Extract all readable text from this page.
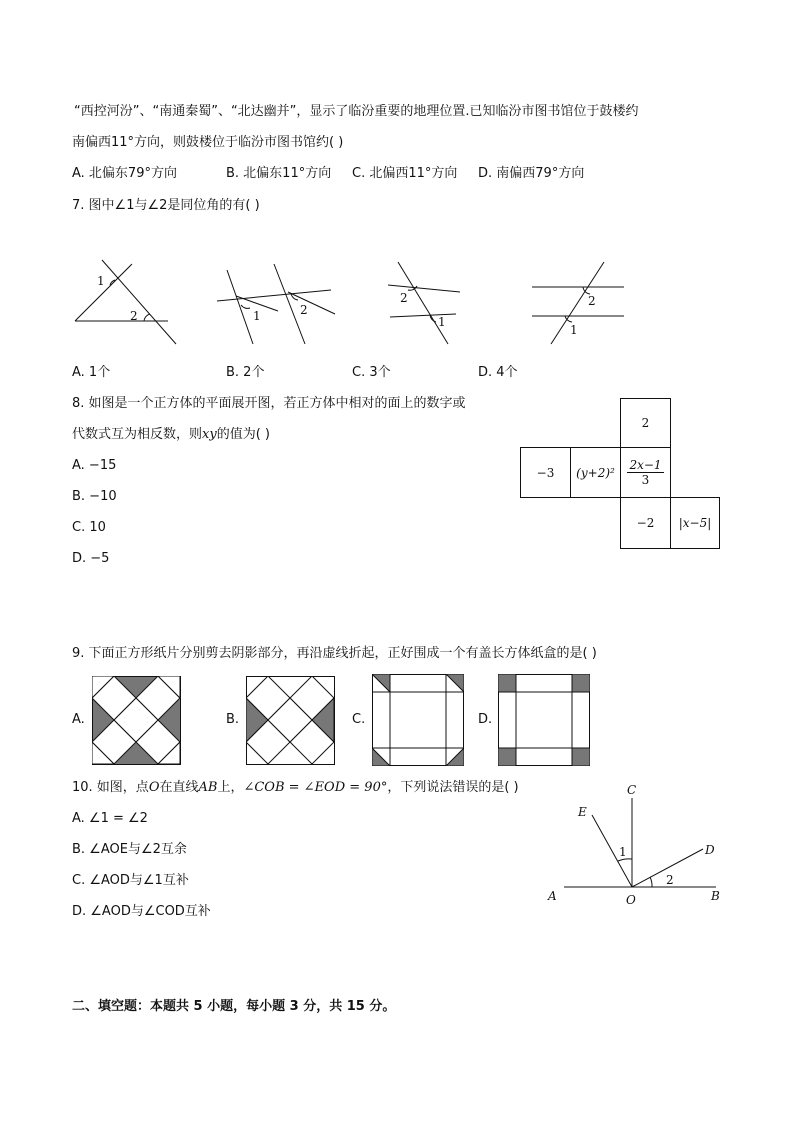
“西控河汾”、“南通秦蜀”、“北达幽并”，显示了临汾重要的地理位置.已知临汾市图书馆位于鼓楼约
南偏西11°方向，则鼓楼位于临汾市图书馆约( )
A. 北偏东79°方向	B. 北偏东11°方向 C. 北偏西11°方向 D. 南偏西79°方向
7. 图中∠1与∠2是同位角的有( )
1
2	1	2
2
1
2
1
A. 1个	B. 2个	C. 3个	D. 4个
8. 如图是一个正方体的平面展开图，若正方体中相对的面上的数字或
代数式互为相反数，则xy的值为( )
A. −15
B. −10
C. 10
D. −5
2
−3	(y+2)²	$\frac{2x-1}{3}$
−2	|x−5|
9. 下面正方形纸片分别剪去阴影部分，再沿虚线折起，正好围成一个有盖长方体纸盒的是( )
A.	B.	C.	D.
10. 如图，点O在直线AB上，∠COB = ∠EOD = 90°，下列说法错误的是( )
A. ∠1 = ∠2
B. ∠AOE与∠2互余
C. ∠AOD与∠1互补
D. ∠AOD与∠COD互补
C
E
D
A	O	B
1
2
二、填空题：本题共 5 小题，每小题 3 分，共 15 分。
